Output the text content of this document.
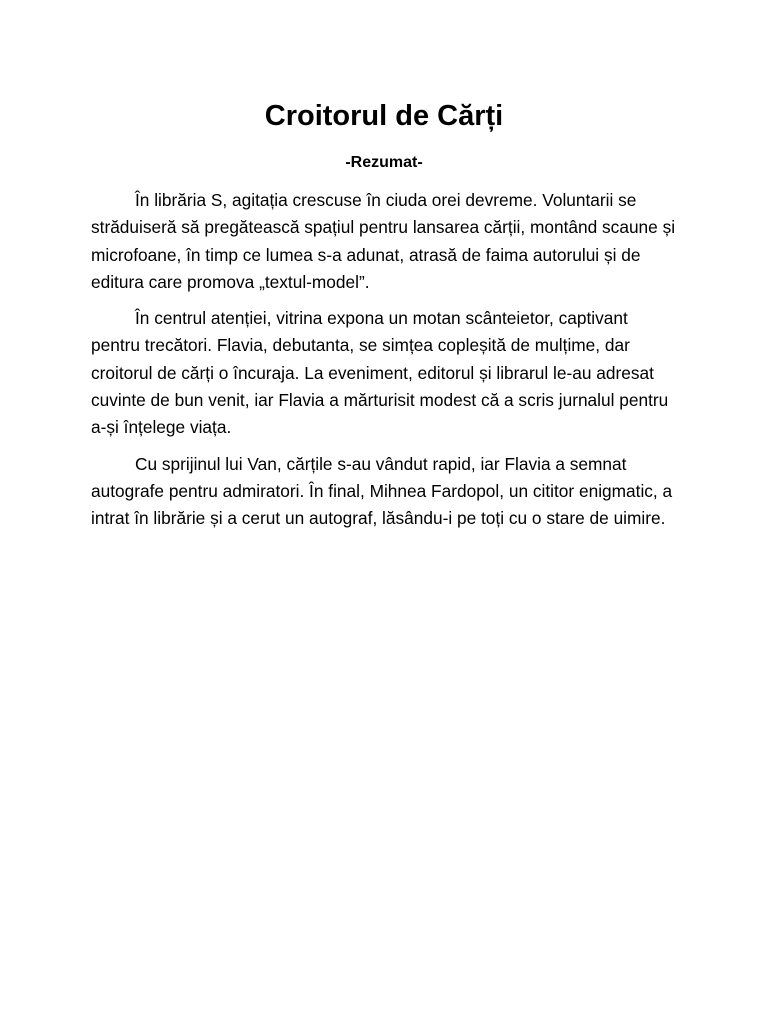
Croitorul de Cărți
-Rezumat-

În librăria S, agitația crescuse în ciuda orei devreme. Voluntarii se străduiseră să pregătească spațiul pentru lansarea cărții, montând scaune și microfoane, în timp ce lumea s-a adunat, atrasă de faima autorului și de editura care promova „textul-model”.

În centrul atenției, vitrina expona un motan scânteietor, captivant pentru trecători. Flavia, debutanta, se simțea copleșită de mulțime, dar croitorul de cărți o încuraja. La eveniment, editorul și librarul le-au adresat cuvinte de bun venit, iar Flavia a mărturisit modest că a scris jurnalul pentru a-și înțelege viața.

Cu sprijinul lui Van, cărțile s-au vândut rapid, iar Flavia a semnat autografe pentru admiratori. În final, Mihnea Fardopol, un cititor enigmatic, a intrat în librărie și a cerut un autograf, lăsându-i pe toți cu o stare de uimire.
